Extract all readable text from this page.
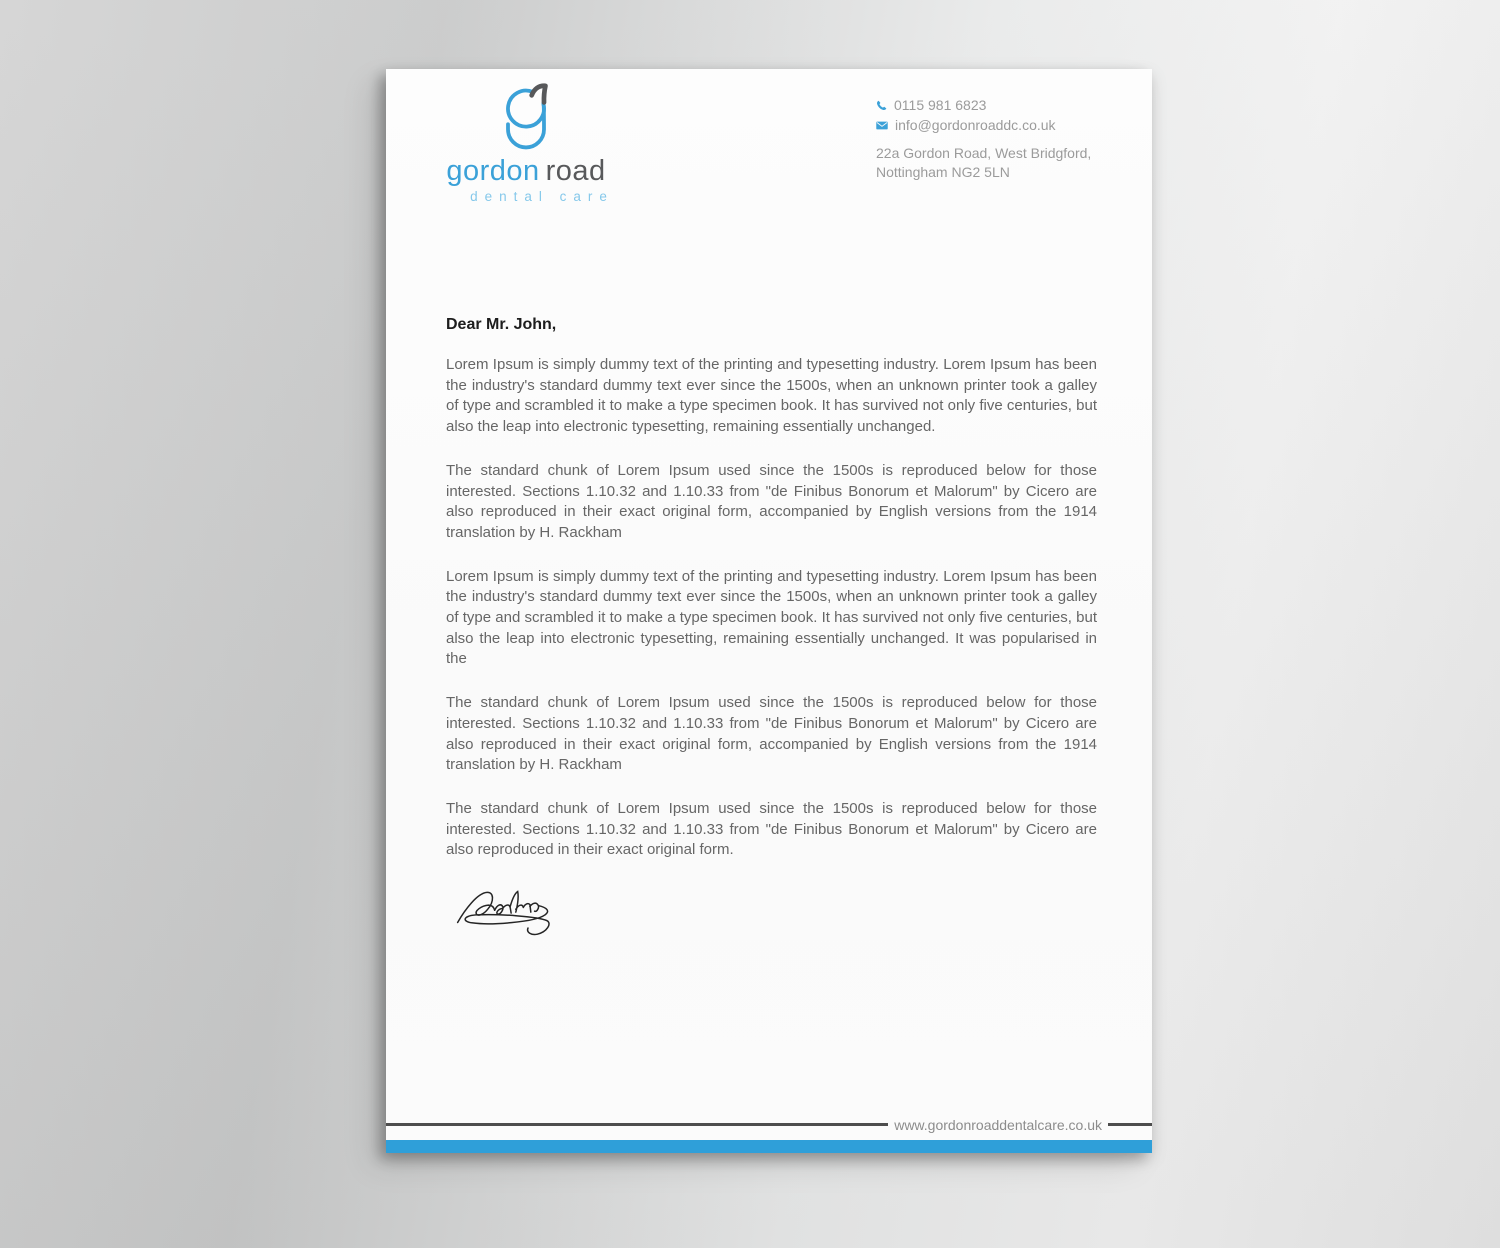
gordon road
dental care
0115 981 6823
info@gordonroaddc.co.uk
22a Gordon Road, West Bridgford,
Nottingham NG2 5LN

Dear Mr. John,

Lorem Ipsum is simply dummy text of the printing and typesetting industry. Lorem Ipsum has been the industry's standard dummy text ever since the 1500s, when an unknown printer took a galley of type and scrambled it to make a type specimen book. It has survived not only five centuries, but also the leap into electronic typesetting, remaining essentially unchanged.

The standard chunk of Lorem Ipsum used since the 1500s is reproduced below for those interested. Sections 1.10.32 and 1.10.33 from "de Finibus Bonorum et Malorum" by Cicero are also reproduced in their exact original form, accompanied by English versions from the 1914 translation by H. Rackham

Lorem Ipsum is simply dummy text of the printing and typesetting industry. Lorem Ipsum has been the industry's standard dummy text ever since the 1500s, when an unknown printer took a galley of type and scrambled it to make a type specimen book. It has survived not only five centuries, but also the leap into electronic typesetting, remaining essentially unchanged. It was popularised in the

The standard chunk of Lorem Ipsum used since the 1500s is reproduced below for those interested. Sections 1.10.32 and 1.10.33 from "de Finibus Bonorum et Malorum" by Cicero are also reproduced in their exact original form, accompanied by English versions from the 1914 translation by H. Rackham

The standard chunk of Lorem Ipsum used since the 1500s is reproduced below for those interested. Sections 1.10.32 and 1.10.33 from "de Finibus Bonorum et Malorum" by Cicero are also reproduced in their exact original form.

www.gordonroaddentalcare.co.uk
